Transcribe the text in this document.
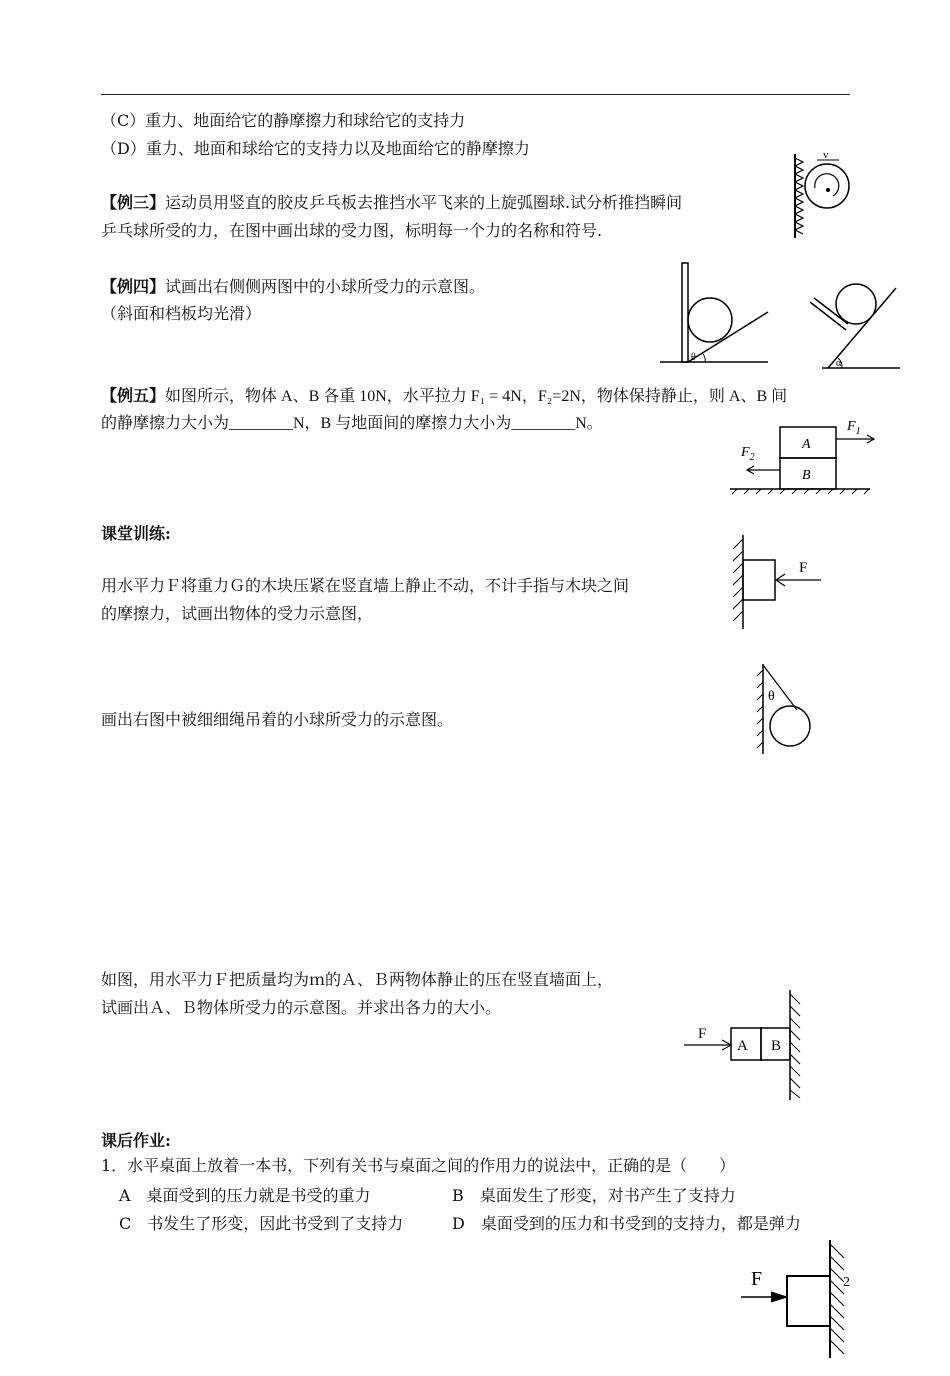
（C）重力、地面给它的静摩擦力和球给它的支持力
（D）重力、地面和球给它的支持力以及地面给它的静摩擦力
【例三】运动员用竖直的胶皮乒乓板去推挡水平飞来的上旋弧圈球.试分析推挡瞬间
乒乓球所受的力，在图中画出球的受力图，标明每一个力的名称和符号.
v
【例四】试画出右侧侧两图中的小球所受力的示意图。
（斜面和档板均光滑）
θ
α
【例五】如图所示，物体 A、B 各重 10N，水平拉力 F₁ = 4N，F₂=2N，物体保持静止，则 A、B 间
的静摩擦力大小为________N，B 与地面间的摩擦力大小为________N。
A
B
$F_1$
$F_2$
课堂训练:
用水平力Ｆ将重力Ｇ的木块压紧在竖直墙上静止不动，不计手指与木块之间
的摩擦力，试画出物体的受力示意图，
F
画出右图中被细细绳吊着的小球所受力的示意图。
θ
如图，用水平力Ｆ把质量均为ｍ的Ａ、Ｂ两物体静止的压在竖直墙面上，
试画出Ａ、Ｂ物体所受力的示意图。并求出各力的大小。
A B
F
课后作业:
1．水平桌面上放着一本书，下列有关书与桌面之间的作用力的说法中，正确的是（　　）
A　桌面受到的压力就是书受的重力	B　桌面发生了形变，对书产生了支持力
C　书发生了形变，因此书受到了支持力	D　桌面受到的压力和书受到的支持力，都是弹力
F	2
